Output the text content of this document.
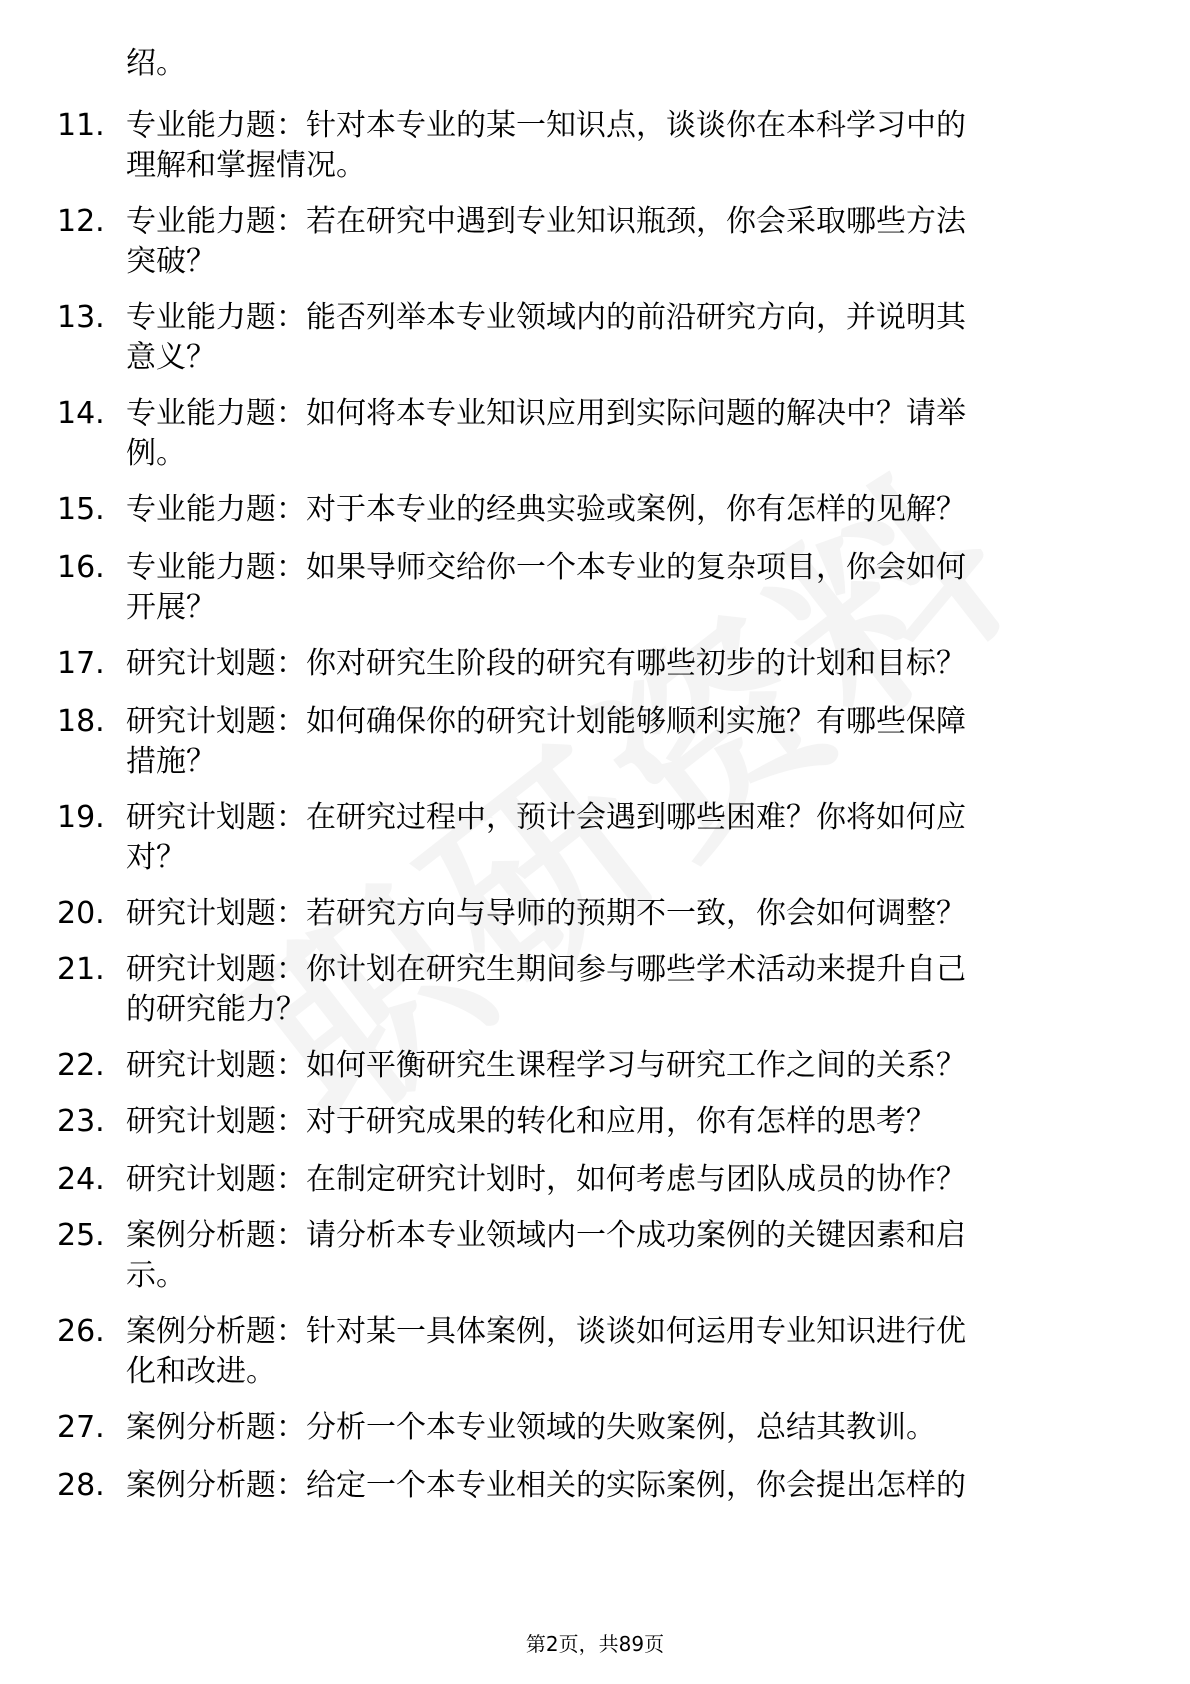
绍。
11. 专业能力题：针对本专业的某一知识点，谈谈你在本科学习中的
理解和掌握情况。
12. 专业能力题：若在研究中遇到专业知识瓶颈，你会采取哪些方法
突破？
13. 专业能力题：能否列举本专业领域内的前沿研究方向，并说明其
意义？
14. 专业能力题：如何将本专业知识应用到实际问题的解决中？请举
例。
15. 专业能力题：对于本专业的经典实验或案例，你有怎样的见解？
16. 专业能力题：如果导师交给你一个本专业的复杂项目，你会如何
开展？
17. 研究计划题：你对研究生阶段的研究有哪些初步的计划和目标？
18. 研究计划题：如何确保你的研究计划能够顺利实施？有哪些保障
措施？
19. 研究计划题：在研究过程中，预计会遇到哪些困难？你将如何应
对？
20. 研究计划题：若研究方向与导师的预期不一致，你会如何调整？
21. 研究计划题：你计划在研究生期间参与哪些学术活动来提升自己
的研究能力？
22. 研究计划题：如何平衡研究生课程学习与研究工作之间的关系？
23. 研究计划题：对于研究成果的转化和应用，你有怎样的思考？
24. 研究计划题：在制定研究计划时，如何考虑与团队成员的协作？
25. 案例分析题：请分析本专业领域内一个成功案例的关键因素和启
示。
26. 案例分析题：针对某一具体案例，谈谈如何运用专业知识进行优
化和改进。
27. 案例分析题：分析一个本专业领域的失败案例，总结其教训。
28. 案例分析题：给定一个本专业相关的实际案例，你会提出怎样的
第2页，共89页
